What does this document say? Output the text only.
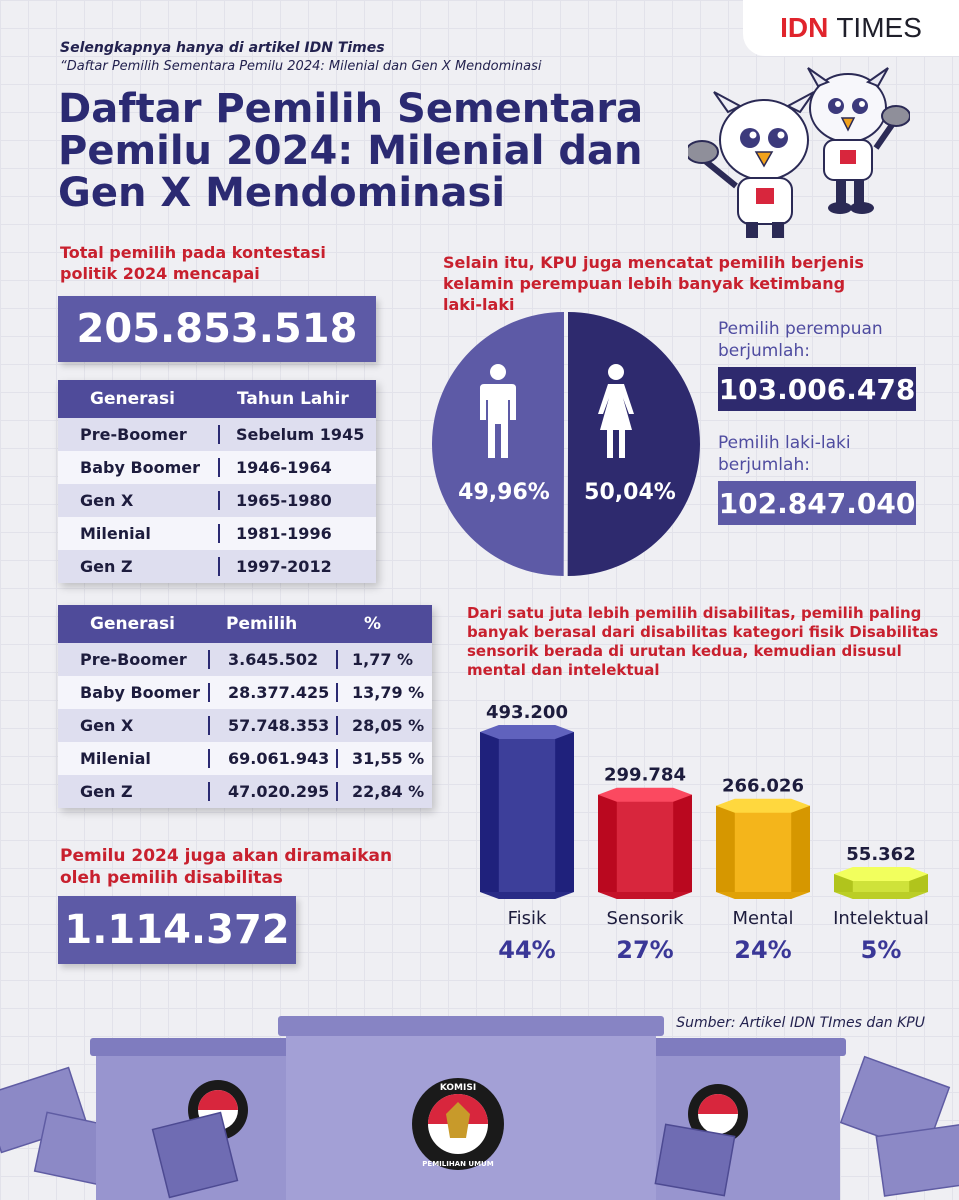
IDN TIMES
Selengkapnya hanya di artikel IDN Times
“Daftar Pemilih Sementara Pemilu 2024: Milenial dan Gen X Mendominasi
Daftar Pemilih Sementara
Pemilu 2024: Milenial dan
Gen X Mendominasi
Total pemilih pada kontestasi
politik 2024 mencapai
205.853.518
Generasi	Tahun Lahir
Pre-Boomer	Sebelum 1945
Baby Boomer	1946-1964
Gen X	1965-1980
Milenial	1981-1996
Gen Z	1997-2012
Generasi	Pemilih	%
Pre-Boomer	3.645.502	1,77 %
Baby Boomer	28.377.425	13,79 %
Gen X	57.748.353	28,05 %
Milenial	69.061.943	31,55 %
Gen Z	47.020.295	22,84 %
Pemilu 2024 juga akan diramaikan
oleh pemilih disabilitas
1.114.372
Selain itu, KPU juga mencatat pemilih berjenis
kelamin perempuan lebih banyak ketimbang
laki-laki
49,96% 50,04%
Pemilih perempuan
berjumlah:
103.006.478
Pemilih laki-laki
berjumlah:
102.847.040
Dari satu juta lebih pemilih disabilitas, pemilih paling
banyak berasal dari disabilitas kategori fisik Disabilitas
sensorik berada di urutan kedua, kemudian disusul
mental dan intelektual
493.200
Fisik
44%
299.784
Sensorik
27%
266.026
Mental
24%
55.362
Intelektual
5%
Sumber: Artikel IDN TImes dan KPU
KOMISI
PEMILIHAN UMUM
